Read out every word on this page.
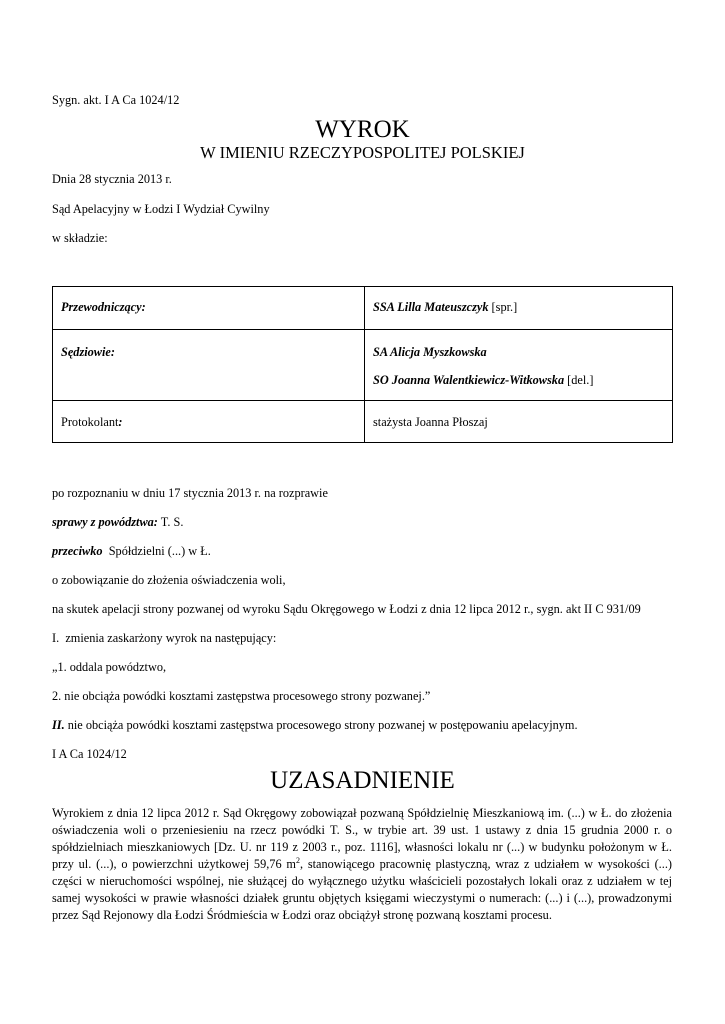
Sygn. akt. I A Ca 1024/12
WYROK
W IMIENIU RZECZYPOSPOLITEJ POLSKIEJ
Dnia 28 stycznia 2013 r.
Sąd Apelacyjny w Łodzi I Wydział Cywilny
w składzie:
Przewodniczący:	SSA Lilla Mateuszczyk [spr.]

Sędziowie:	SA Alicja Myszkowska
SO Joanna Walentkiewicz-Witkowska [del.]

Protokolant:	stażysta Joanna Płoszaj
po rozpoznaniu w dniu 17 stycznia 2013 r. na rozprawie
sprawy z powództwa: T. S.
przeciwko  Spółdzielni (...) w Ł.
o zobowiązanie do złożenia oświadczenia woli,
na skutek apelacji strony pozwanej od wyroku Sądu Okręgowego w Łodzi z dnia 12 lipca 2012 r., sygn. akt II C 931/09
I.  zmienia zaskarżony wyrok na następujący:
„1. oddala powództwo,
2. nie obciąża powódki kosztami zastępstwa procesowego strony pozwanej.”
II. nie obciąża powódki kosztami zastępstwa procesowego strony pozwanej w postępowaniu apelacyjnym.
I A Ca 1024/12
UZASADNIENIE
Wyrokiem z dnia 12 lipca 2012 r. Sąd Okręgowy zobowiązał pozwaną Spółdzielnię Mieszkaniową im. (...) w Ł. do złożenia oświadczenia woli o przeniesieniu na rzecz powódki T. S., w trybie art. 39 ust. 1 ustawy z dnia 15 grudnia 2000 r. o spółdzielniach mieszkaniowych [Dz. U. nr 119 z 2003 r., poz. 1116], własności lokalu nr (...) w budynku położonym w Ł. przy ul. (...), o powierzchni użytkowej 59,76 $m^2$, stanowiącego pracownię plastyczną, wraz z udziałem w wysokości (...) części w nieruchomości wspólnej, nie służącej do wyłącznego użytku właścicieli pozostałych lokali oraz z udziałem w tej samej wysokości w prawie własności działek gruntu objętych księgami wieczystymi o numerach: (...) i (...), prowadzonymi przez Sąd Rejonowy dla Łodzi Śródmieścia w Łodzi oraz obciążył stronę pozwaną kosztami procesu.
